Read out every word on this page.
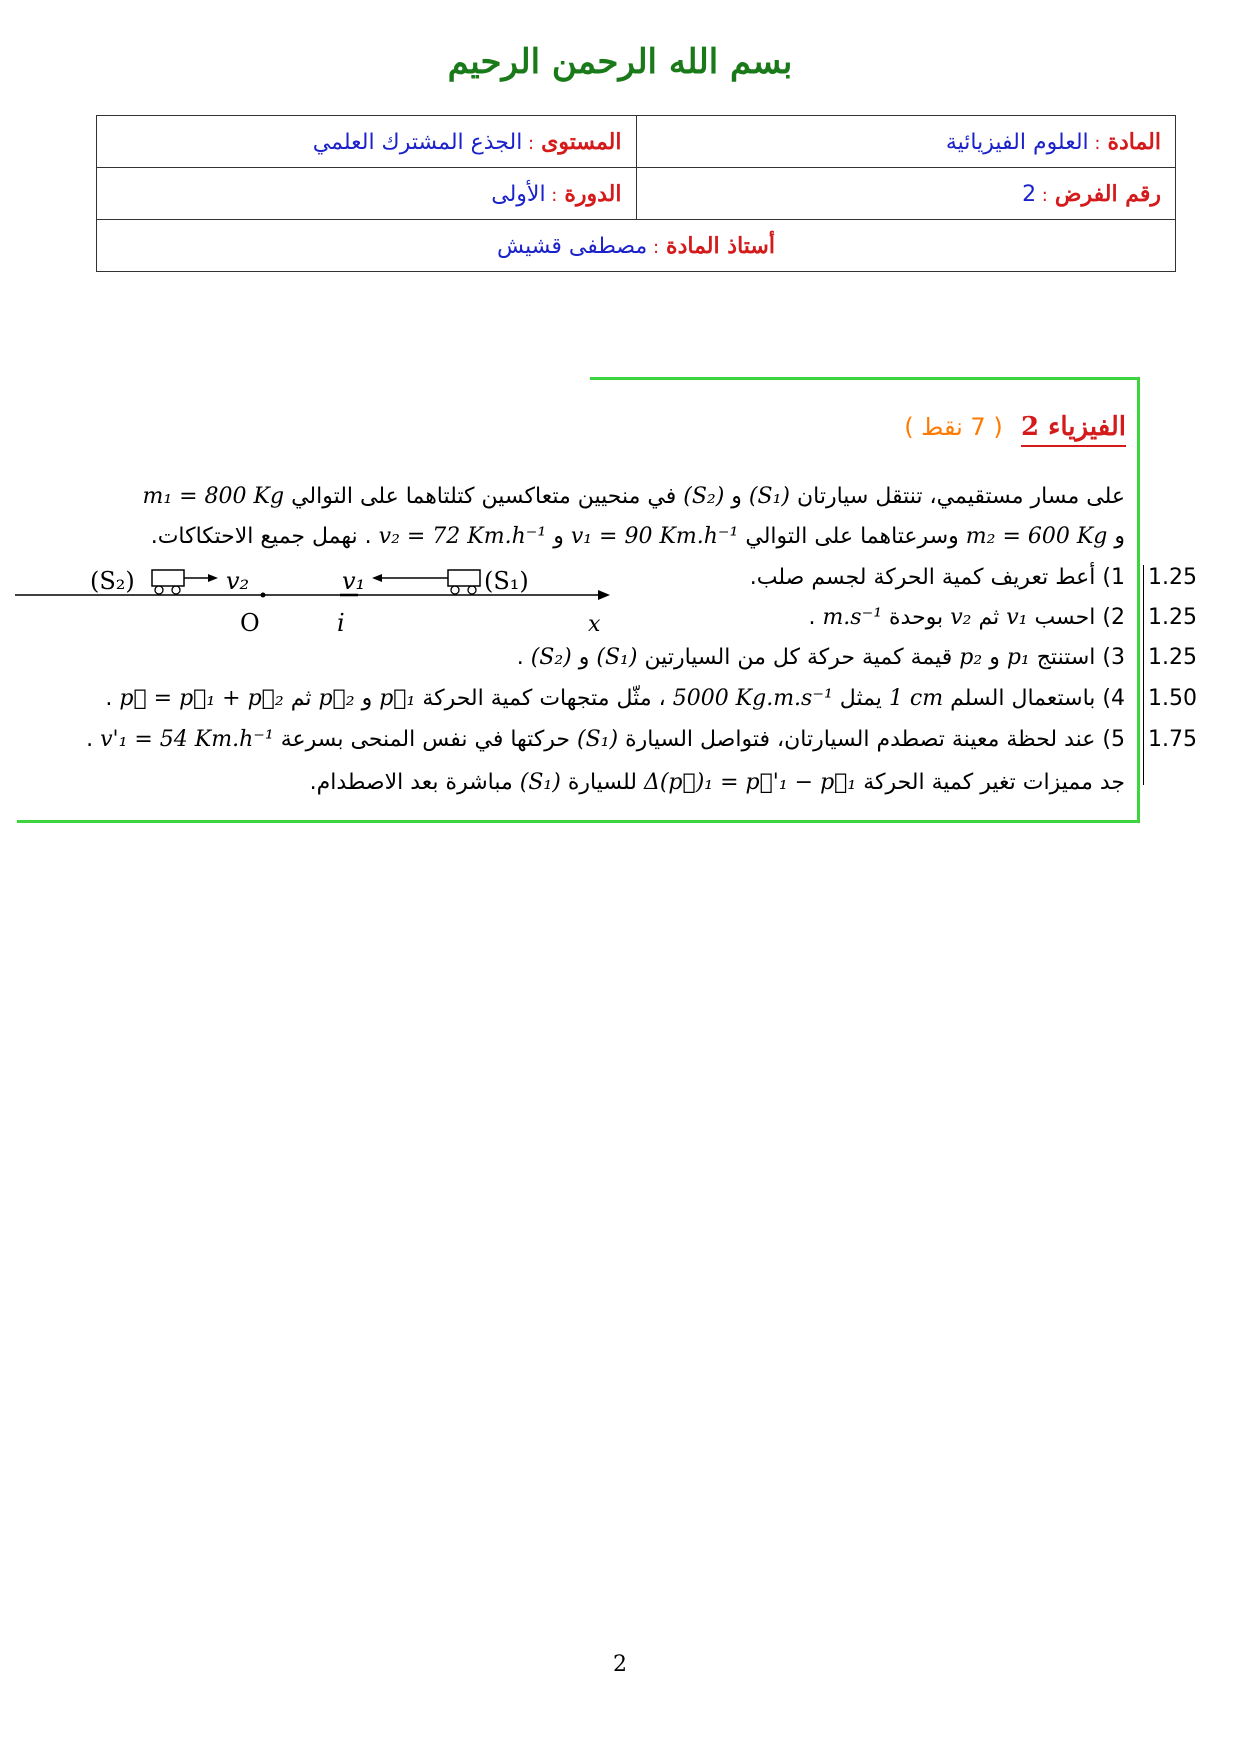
بسم الله الرحمن الرحيم
المادة : العلوم الفيزيائية	المستوى : الجذع المشترك العلمي
رقم الفرض : 2	الدورة : الأولى
أستاذ المادة : مصطفى قشيش	
الفيزياء 2 ( 7 نقط )
على مسار مستقيمي، تنتقل سيارتان (S₁) و (S₂) في منحيين متعاكسين كتلتاهما على التوالي m₁ = 800 Kg
و m₂ = 600 Kg وسرعتاهما على التوالي v₁ = 90 Km.h⁻¹ و v₂ = 72 Km.h⁻¹ . نهمل جميع الاحتكاكات.
(S₂)	v₂
O	i
v₁	(S₁)
x
1) أعط تعريف كمية الحركة لجسم صلب.	1.25
2) احسب v₁ ثم v₂ بوحدة m.s⁻¹ .	1.25
3) استنتج p₁ و p₂ قيمة كمية حركة كل من السيارتين (S₁) و (S₂) .	1.25
4) باستعمال السلم 1 cm يمثل 5000 Kg.m.s⁻¹ ، مثّل متجهات كمية الحركة p⃗₁ و p⃗₂ ثم p⃗ = p⃗₁ + p⃗₂ .	1.50
5) عند لحظة معينة تصطدم السيارتان، فتواصل السيارة (S₁) حركتها في نفس المنحى بسرعة v'₁ = 54 Km.h⁻¹ .	1.75
جد مميزات تغير كمية الحركة Δ(p⃗)₁ = p⃗'₁ − p⃗₁ للسيارة (S₁) مباشرة بعد الاصطدام.
2
